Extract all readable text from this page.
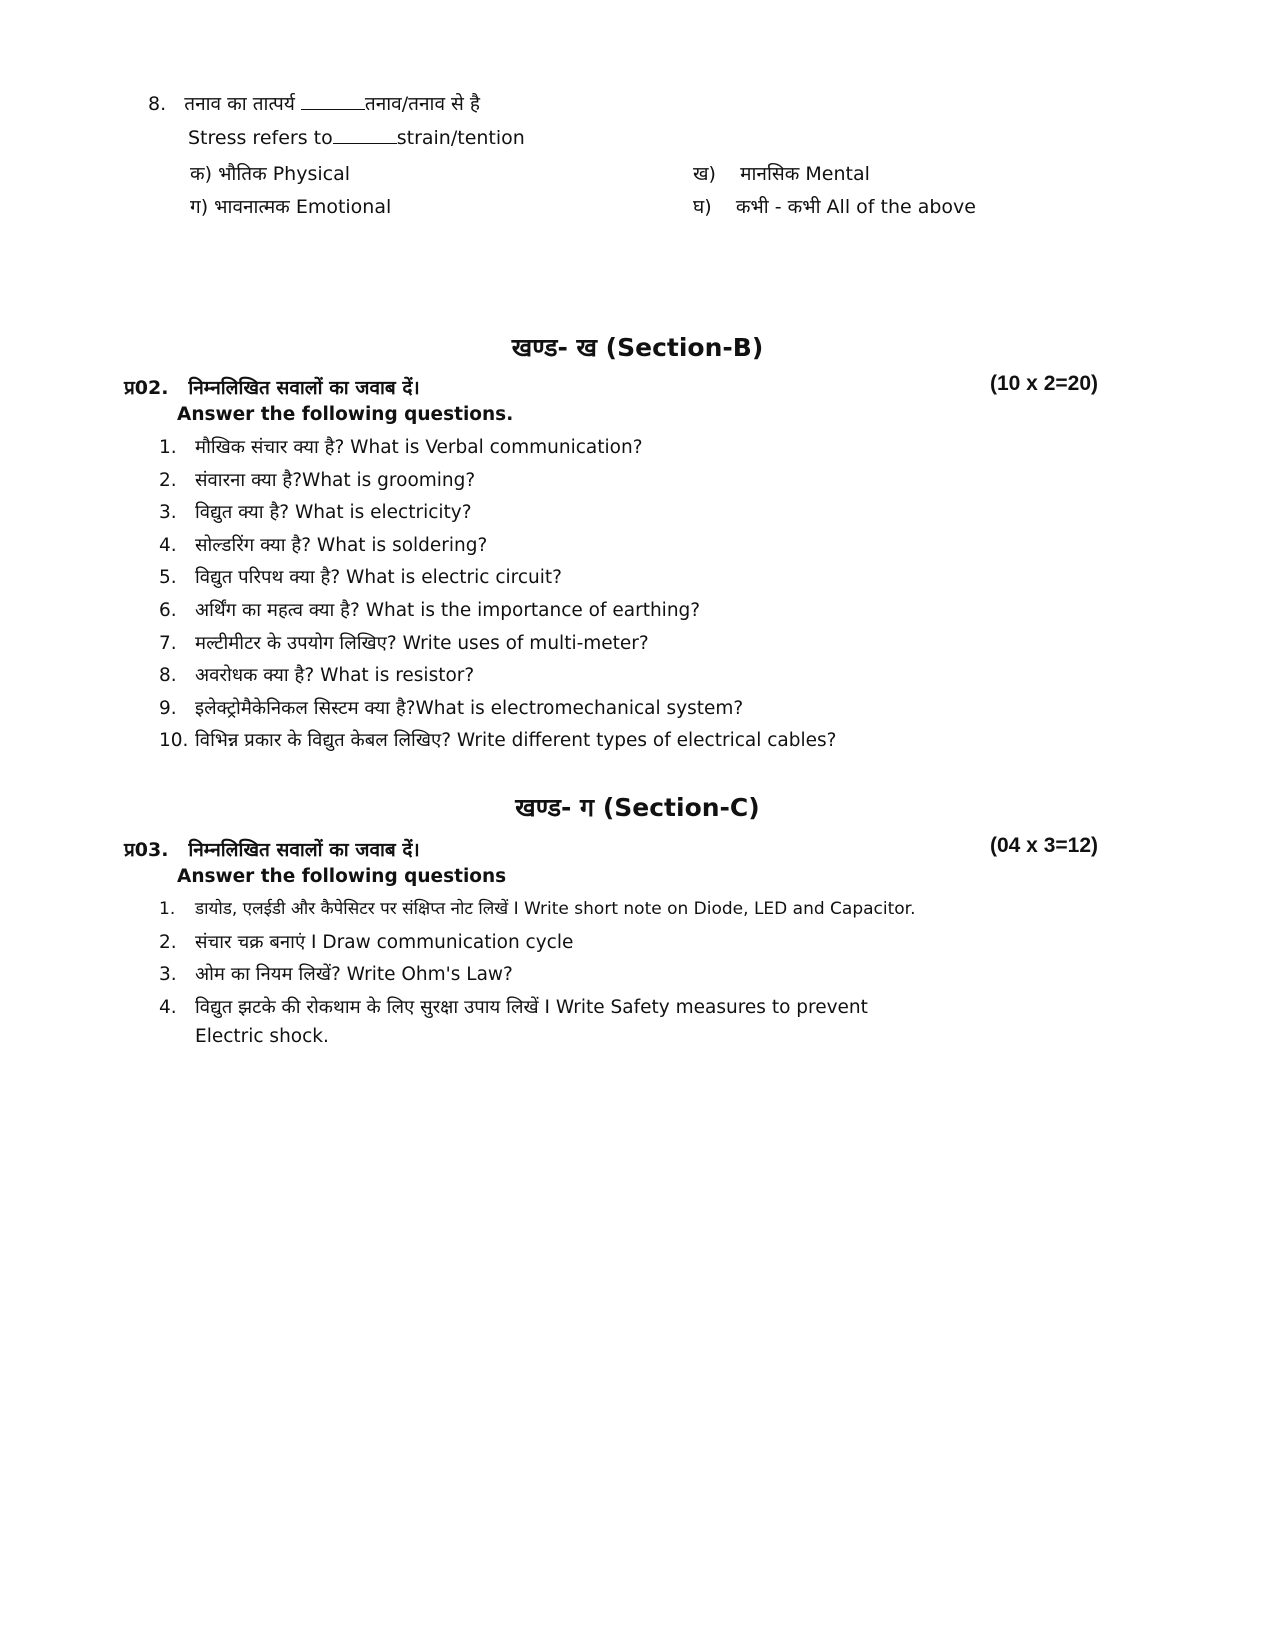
8. तनाव का तात्पर्य	तनाव/तनाव से है
Stress refers to	strain/tention
क) भौतिक Physical	ख) मानसिक Mental
ग) भावनात्मक Emotional	घ) कभी - कभी All of the above
खण्ड- ख (Section-B)
प्र02. निम्नलिखित सवालों का जवाब दें।	(10 x 2=20)
Answer the following questions.
1. मौखिक संचार क्या है? What is Verbal communication?
2. संवारना क्या है?What is grooming?
3. विद्युत क्या है? What is electricity?
4. सोल्डरिंग क्या है? What is soldering?
5. विद्युत परिपथ क्या है? What is electric circuit?
6. अर्थिंग का महत्व क्या है? What is the importance of earthing?
7. मल्टीमीटर के उपयोग लिखिए? Write uses of multi-meter?
8. अवरोधक क्या है? What is resistor?
9. इलेक्ट्रोमैकेनिकल सिस्टम क्या है?What is electromechanical system?
10. विभिन्न प्रकार के विद्युत केबल लिखिए? Write different types of electrical cables?
खण्ड- ग (Section-C)
प्र03. निम्नलिखित सवालों का जवाब दें।	(04 x 3=12)
Answer the following questions
1. डायोड, एलईडी और कैपेसिटर पर संक्षिप्त नोट लिखें I Write short note on Diode, LED and Capacitor.
2. संचार चक्र बनाएं I Draw communication cycle
3. ओम का नियम लिखें? Write Ohm's Law?
4. विद्युत झटके की रोकथाम के लिए सुरक्षा उपाय लिखें I Write Safety measures to prevent
Electric shock.
